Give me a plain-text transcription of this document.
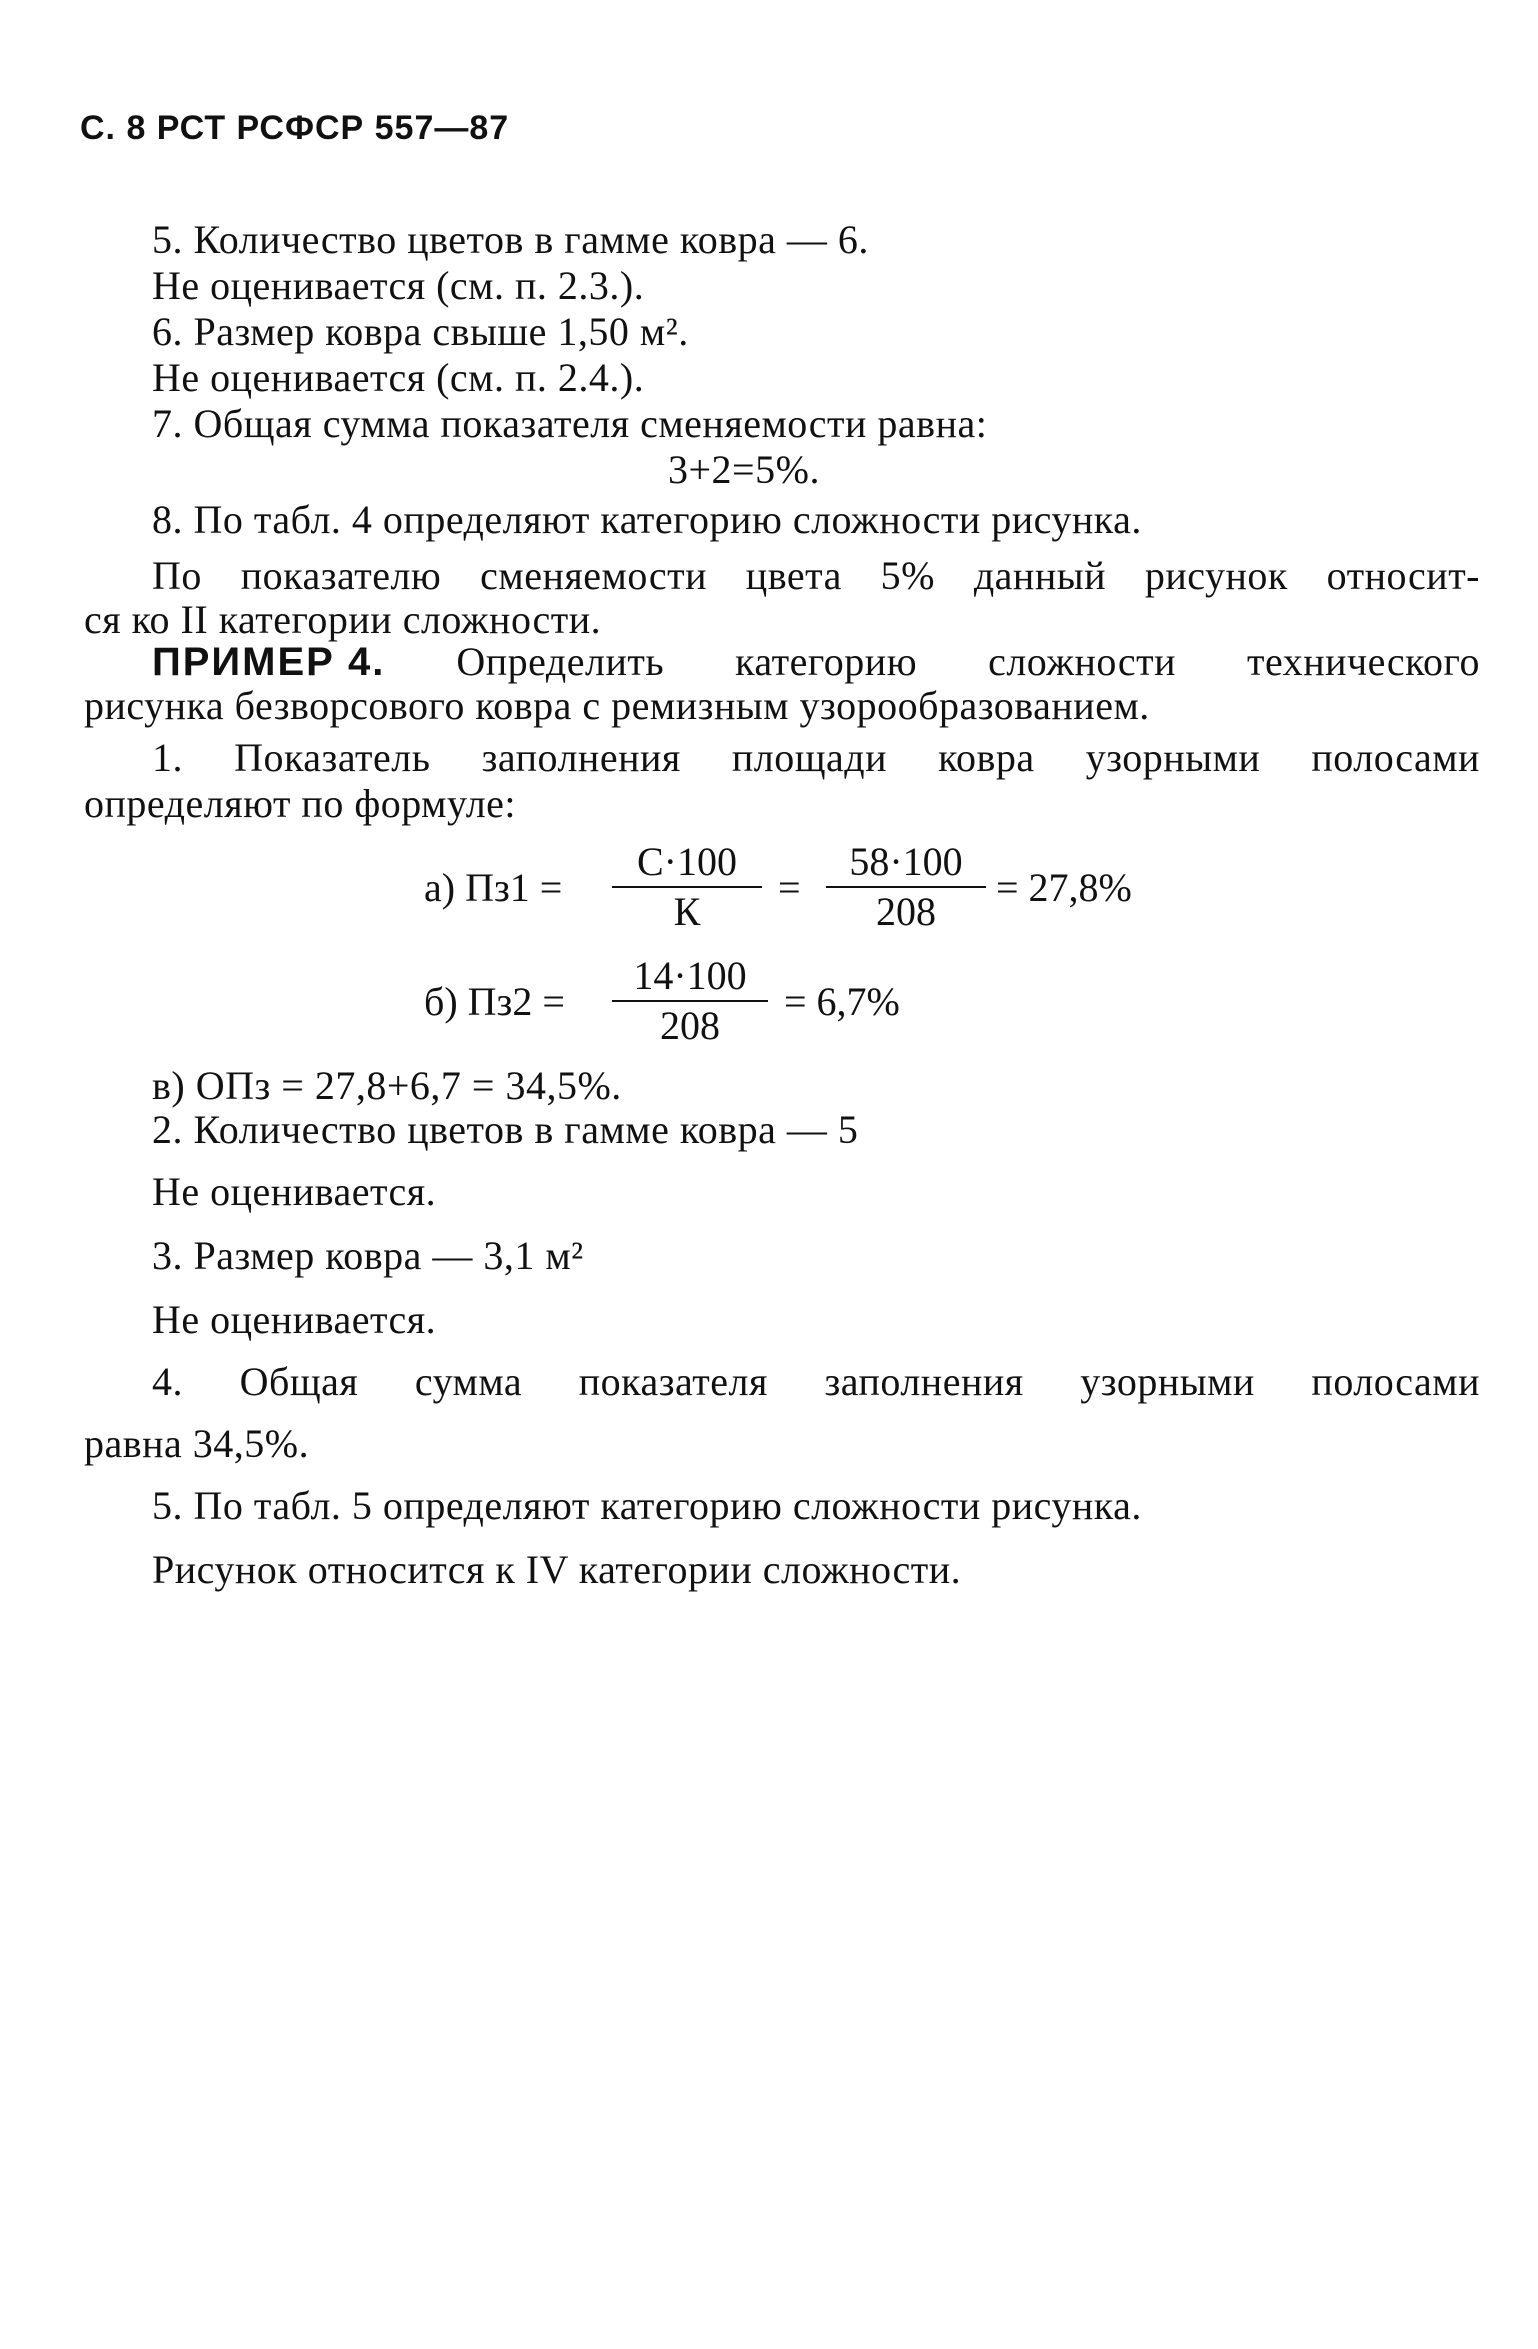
С. 8 РСТ РСФСР 557—87
5. Количество цветов в гамме ковра — 6.
Не оценивается (см. п. 2.3.).
6. Размер ковра свыше 1,50 м².
Не оценивается (см. п. 2.4.).
7. Общая сумма показателя сменяемости равна:
3+2=5%.
8. По табл. 4 определяют категорию сложности рисунка.
По показателю сменяемости цвета 5% данный рисунок относит-
ся ко II категории сложности.
ПРИМЕР 4. Определить категорию сложности технического
рисунка безворсового ковра с ремизным узорообразованием.
1. Показатель заполнения площади ковра узорными полосами
определяют по формуле:
а) Пз1 =
С·100
К
= $\frac{58\cdot 100}{208} = 27,8\%$
б) $Пз2 = \frac{14\cdot 100}{208} = 6,7\%$
в) ОПз = 27,8+6,7 = 34,5%.
2. Количество цветов в гамме ковра — 5
Не оценивается.
3. Размер ковра — 3,1 м²
Не оценивается.
4. Общая сумма показателя заполнения узорными полосами
равна 34,5%.
5. По табл. 5 определяют категорию сложности рисунка.
Рисунок относится к IV категории сложности.
